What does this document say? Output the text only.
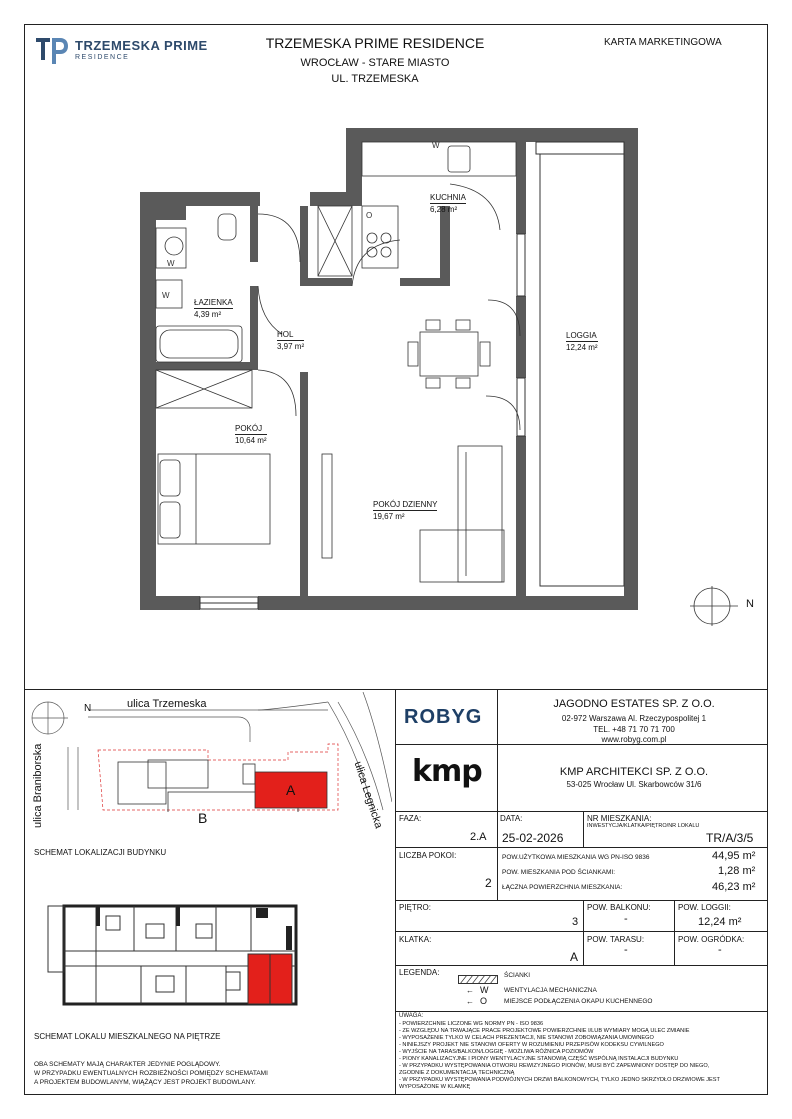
TRZEMESKA PRIME
RESIDENCE
TRZEMESKA PRIME RESIDENCE
WROCŁAW - STARE MIASTO
UL. TRZEMESKA
KARTA MARKETINGOWA
W
W
O
W
N
KUCHNIA
6,28 m²
ŁAZIENKA
4,39 m²
HOL
3,97 m²
LOGGIA
12,24 m²
POKÓJ
10,64 m²
POKÓJ DZIENNY
19,67 m²
ulica Trzemeska
ulica Braniborska	ulica Legnicka
N
B
A
SCHEMAT LOKALIZACJI BUDYNKU
SCHEMAT LOKALU MIESZKALNEGO NA PIĘTRZE
OBA SCHEMATY MAJĄ CHARAKTER JEDYNIE POGLĄDOWY.
W PRZYPADKU EWENTUALNYCH ROZBIEŻNOŚCI POMIĘDZY SCHEMATAMI
A PROJEKTEM BUDOWLANYM, WIĄŻĄCY JEST PROJEKT BUDOWLANY.
ROBYG
JAGODNO ESTATES SP. Z O.O.
02-972 Warszawa Al. Rzeczypospolitej 1
TEL. +48 71 70 71 700
www.robyg.com.pl
kmp	KMP ARCHITEKCI SP. Z O.O.
53-025 Wrocław Ul. Skarbowców 31/6
FAZA:
2.A
DATA:
25-02-2026
NR MIESZKANIA:
INWESTYCJA/KLATKA/PIĘTRO/NR LOKALU
TR/A/3/5
LICZBA POKOI:
2
POW.UŻYTKOWA MIESZKANIA WG PN-ISO 9836	44,95 m²
POW. MIESZKANIA POD ŚCIANKAMI:	1,28 m²
ŁĄCZNA POWIERZCHNIA MIESZKANIA:	46,23 m²
PIĘTRO:
3
POW. BALKONU:
-
POW. LOGGII:
12,24 m²
KLATKA:
A
POW. TARASU:
-
POW. OGRÓDKA:
-
LEGENDA:	ŚCIANKI
← W WENTYLACJA MECHANICZNA
← O	MIEJSCE PODŁĄCZENIA OKAPU KUCHENNEGO
UWAGA:
- POWIERZCHNIE LICZONE WG NORMY PN - ISO 9836
- ZE WZGLĘDU NA TRWAJĄCE PRACE PROJEKTOWE POWIERZCHNIE I/LUB WYMIARY MOGĄ ULEC ZMIANIE
- WYPOSAŻENIE TYLKO W CELACH PREZENTACJI, NIE STANOWI ZOBOWIĄZANIA UMOWNEGO
- NINIEJSZY PROJEKT NIE STANOWI OFERTY W ROZUMIENIU PRZEPISÓW KODEKSU CYWILNEGO
- WYJŚCIE NA TARAS/BALKON/LOGGIĘ - MOŻLIWA RÓŻNICA POZIOMÓW
- PIONY KANALIZACYJNE I PIONY WENTYLACYJNE STANOWIĄ CZĘŚĆ WSPÓLNĄ INSTALACJI BUDYNKU
- W PRZYPADKU WYSTĘPOWANIA OTWORU REWIZYJNEGO PIONÓW, MUSI BYĆ ZAPEWNIONY DOSTĘP DO NIEGO,
ZGODNIE Z DOKUMENTACJĄ TECHNICZNĄ
- W PRZYPADKU WYSTĘPOWANIA PODWÓJNYCH DRZWI BALKONOWYCH, TYLKO JEDNO SKRZYDŁO DRZWIOWE JEST
WYPOSAŻONE W KLAMKĘ
